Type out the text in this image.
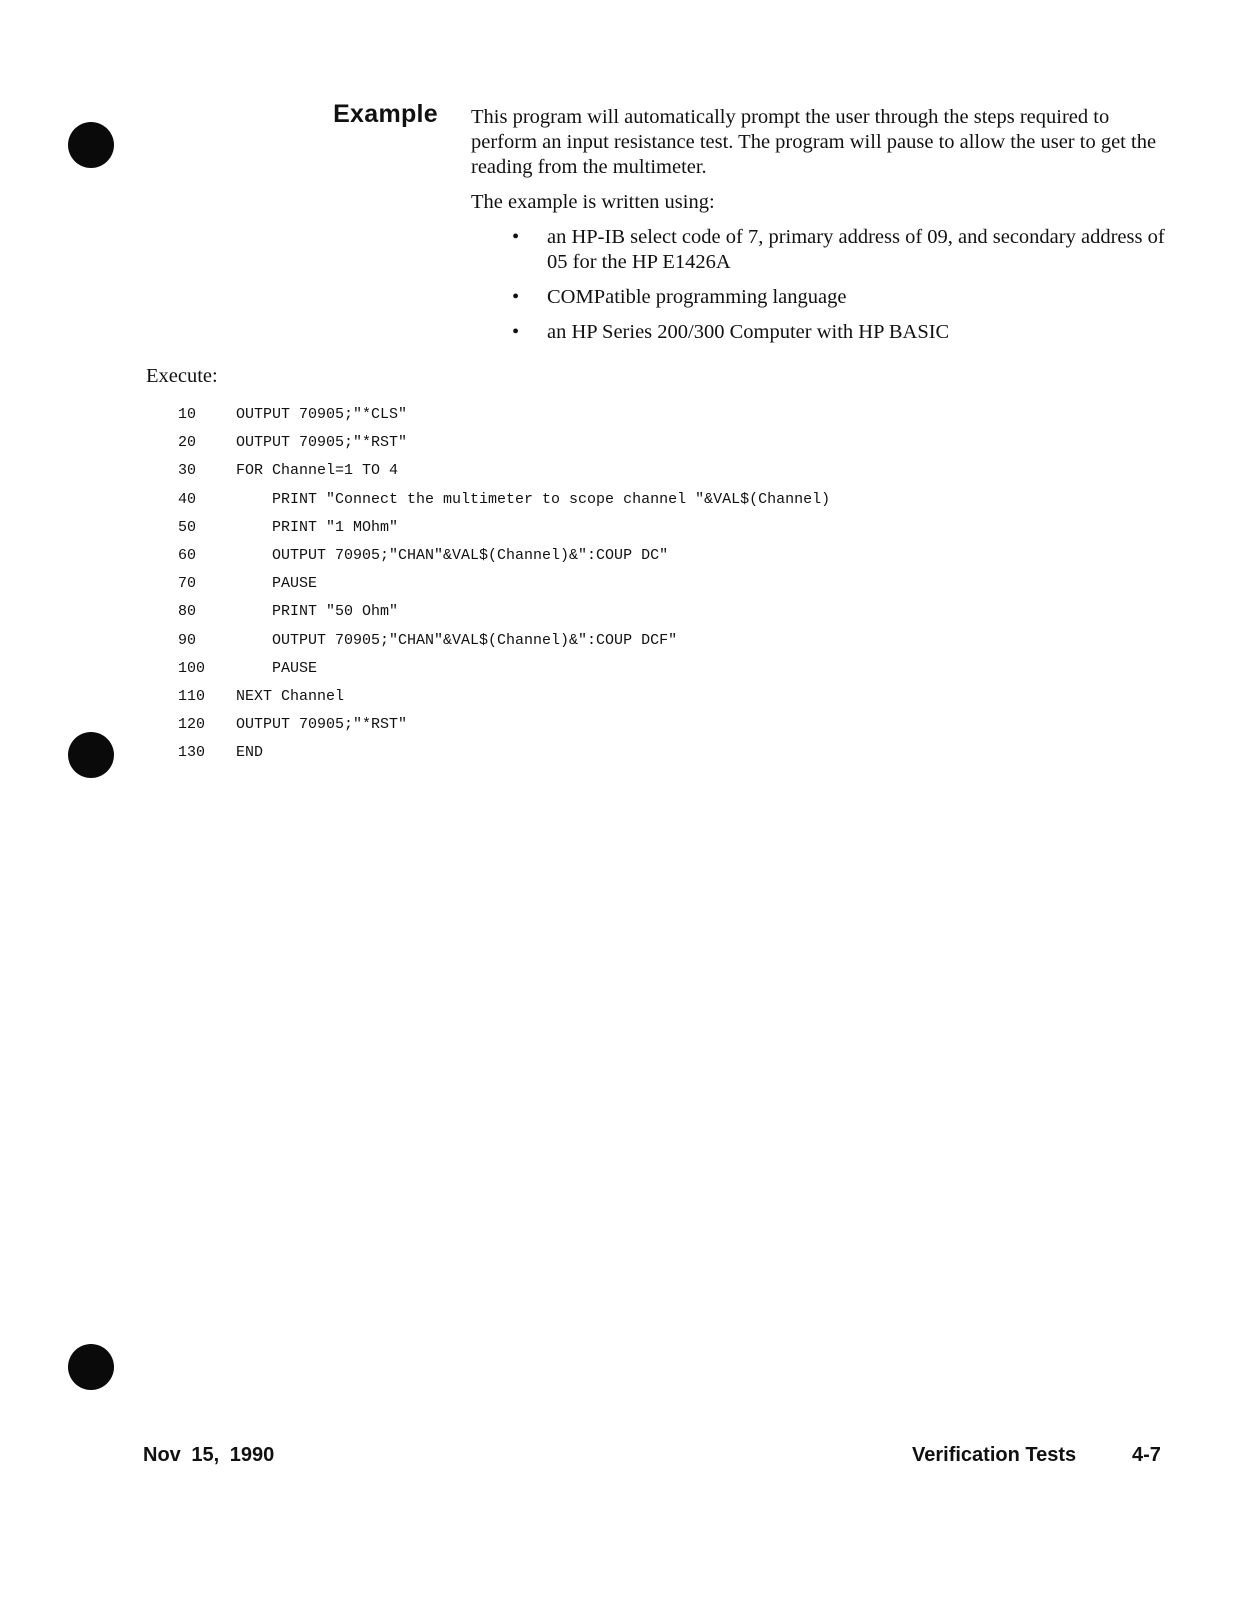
Example This program will automatically prompt the user through the steps required to perform an input resistance test. The program will pause to allow the user to get the reading from the multimeter.

The example is written using:

• an HP-IB select code of 7, primary address of 09, and secondary address of 05 for the HP E1426A
• COMPatible programming language
• an HP Series 200/300 Computer with HP BASIC
Execute:
10	OUTPUT 70905;"*CLS"
20	OUTPUT 70905;"*RST"
30	FOR Channel=1 TO 4
40	PRINT "Connect the multimeter to scope channel "&VAL$(Channel)
50	PRINT "1 MOhm"
60	OUTPUT 70905;"CHAN"&VAL$(Channel)&":COUP DC"
70	PAUSE
80	PRINT "50 Ohm"
90	OUTPUT 70905;"CHAN"&VAL$(Channel)&":COUP DCF"
100	PAUSE
110	NEXT Channel
120	OUTPUT 70905;"*RST"
130	END
Nov 15, 1990	Verification Tests	4-7
